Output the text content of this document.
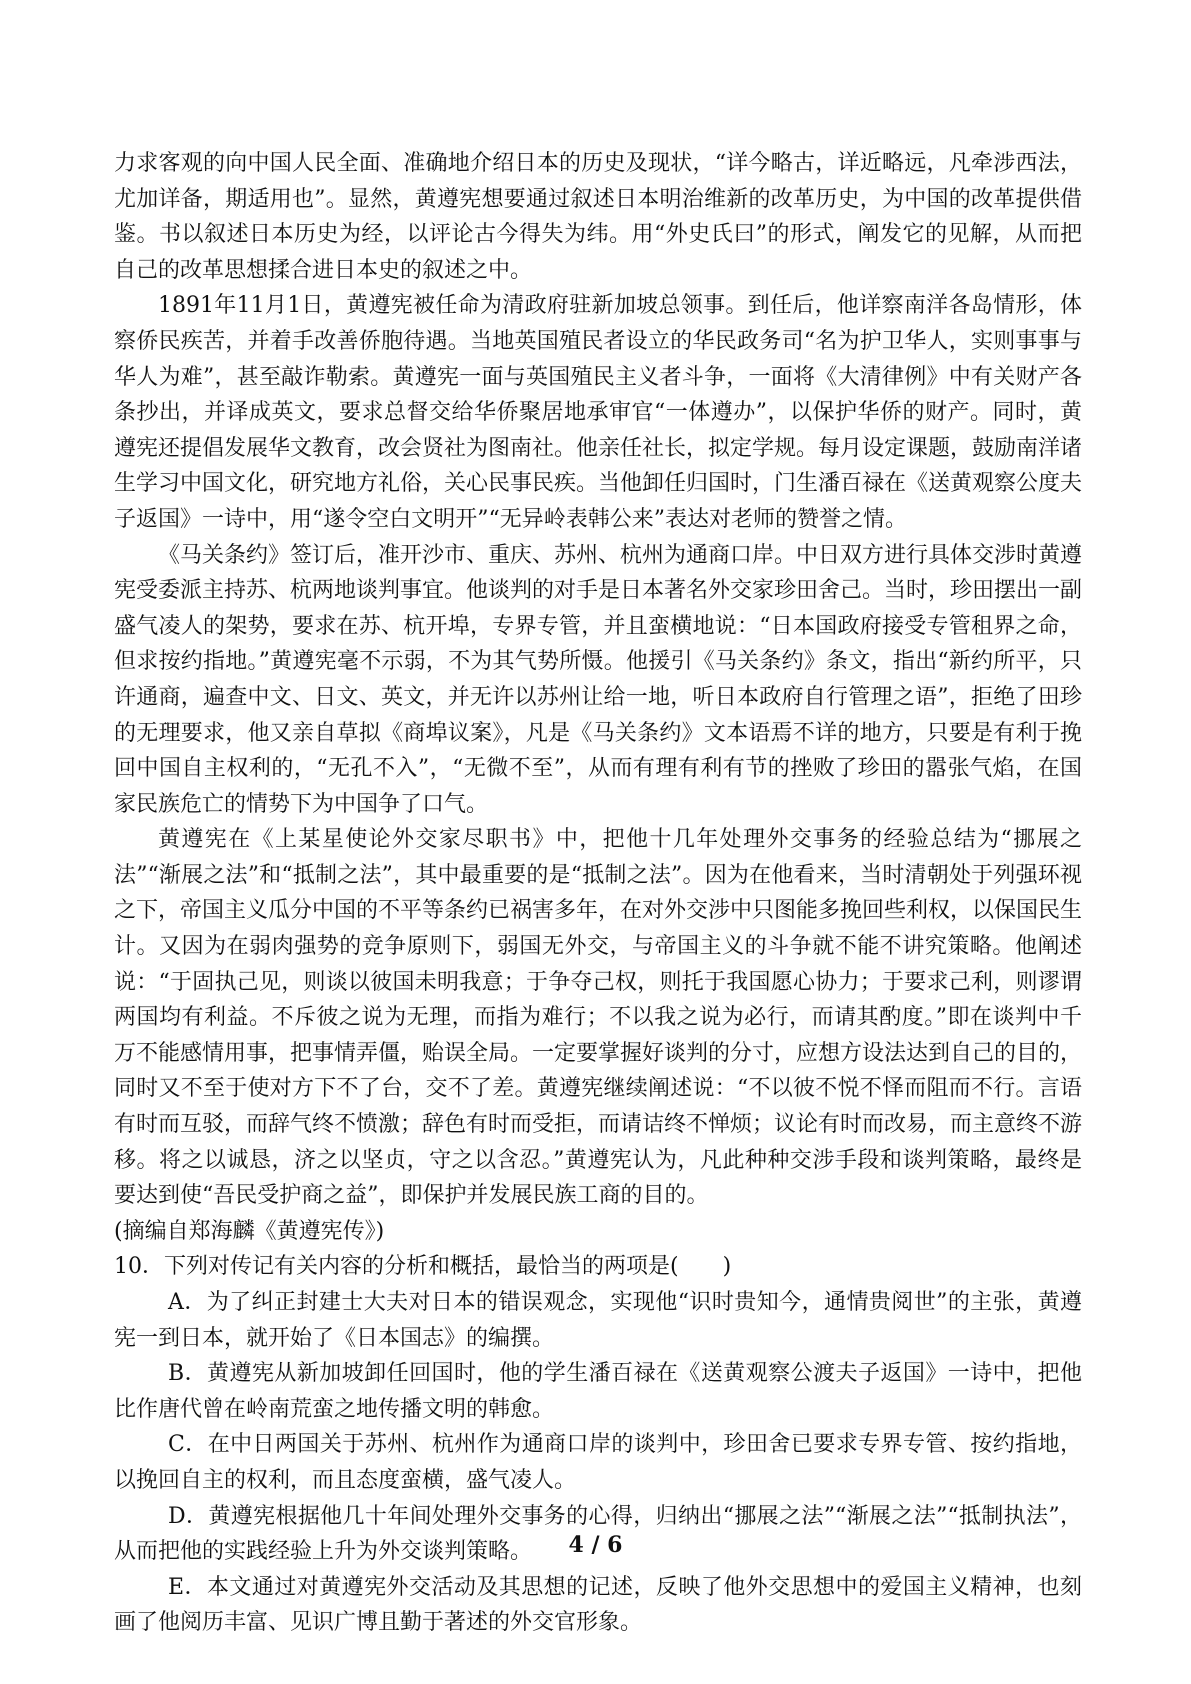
力求客观的向中国人民全面、准确地介绍日本的历史及现状，“详今略古，详近略远，凡牵涉西法，尤加详备，期适用也”。显然，黄遵宪想要通过叙述日本明治维新的改革历史，为中国的改革提供借鉴。书以叙述日本历史为经，以评论古今得失为纬。用“外史氏曰”的形式，阐发它的见解，从而把自己的改革思想揉合进日本史的叙述之中。

1891年11月1日，黄遵宪被任命为清政府驻新加坡总领事。到任后，他详察南洋各岛情形，体察侨民疾苦，并着手改善侨胞待遇。当地英国殖民者设立的华民政务司“名为护卫华人，实则事事与华人为难”，甚至敲诈勒索。黄遵宪一面与英国殖民主义者斗争，一面将《大清律例》中有关财产各条抄出，并译成英文，要求总督交给华侨聚居地承审官“一体遵办”，以保护华侨的财产。同时，黄遵宪还提倡发展华文教育，改会贤社为图南社。他亲任社长，拟定学规。每月设定课题，鼓励南洋诸生学习中国文化，研究地方礼俗，关心民事民疾。当他卸任归国时，门生潘百禄在《送黄观察公度夫子返国》一诗中，用“遂令空白文明开”“无异岭表韩公来”表达对老师的赞誉之情。

《马关条约》签订后，准开沙市、重庆、苏州、杭州为通商口岸。中日双方进行具体交涉时黄遵宪受委派主持苏、杭两地谈判事宜。他谈判的对手是日本著名外交家珍田舍己。当时，珍田摆出一副盛气凌人的架势，要求在苏、杭开埠，专界专管，并且蛮横地说：“日本国政府接受专管租界之命，但求按约指地。”黄遵宪毫不示弱，不为其气势所慑。他援引《马关条约》条文，指出“新约所平，只许通商，遍查中文、日文、英文，并无许以苏州让给一地，听日本政府自行管理之语”，拒绝了田珍的无理要求，他又亲自草拟《商埠议案》，凡是《马关条约》文本语焉不详的地方，只要是有利于挽回中国自主权利的，“无孔不入”，“无微不至”，从而有理有利有节的挫败了珍田的嚣张气焰，在国家民族危亡的情势下为中国争了口气。

黄遵宪在《上某星使论外交家尽职书》中，把他十几年处理外交事务的经验总结为“挪展之法”“渐展之法”和“抵制之法”，其中最重要的是“抵制之法”。因为在他看来，当时清朝处于列强环视之下，帝国主义瓜分中国的不平等条约已祸害多年，在对外交涉中只图能多挽回些利权，以保国民生计。又因为在弱肉强势的竞争原则下，弱国无外交，与帝国主义的斗争就不能不讲究策略。他阐述说：“于固执己见，则谈以彼国未明我意；于争夺己权，则托于我国愿心协力；于要求己利，则谬谓两国均有利益。不斥彼之说为无理，而指为难行；不以我之说为必行，而请其酌度。”即在谈判中千万不能感情用事，把事情弄僵，贻误全局。一定要掌握好谈判的分寸，应想方设法达到自己的目的，同时又不至于使对方下不了台，交不了差。黄遵宪继续阐述说：“不以彼不悦不怿而阻而不行。言语有时而互驳，而辞气终不愤激；辞色有时而受拒，而请诘终不惮烦；议论有时而改易，而主意终不游移。将之以诚恳，济之以坚贞，守之以含忍。”黄遵宪认为，凡此种种交涉手段和谈判策略，最终是要达到使“吾民受护商之益”，即保护并发展民族工商的目的。

(摘编自郑海麟《黄遵宪传》)

10．下列对传记有关内容的分析和概括，最恰当的两项是(　　)

A．为了纠正封建士大夫对日本的错误观念，实现他“识时贵知今，通情贵阅世”的主张，黄遵宪一到日本，就开始了《日本国志》的编撰。

B．黄遵宪从新加坡卸任回国时，他的学生潘百禄在《送黄观察公渡夫子返国》一诗中，把他比作唐代曾在岭南荒蛮之地传播文明的韩愈。

C．在中日两国关于苏州、杭州作为通商口岸的谈判中，珍田舍已要求专界专管、按约指地，以挽回自主的权利，而且态度蛮横，盛气凌人。

D．黄遵宪根据他几十年间处理外交事务的心得，归纳出“挪展之法”“渐展之法”“抵制执法”，从而把他的实践经验上升为外交谈判策略。

E．本文通过对黄遵宪外交活动及其思想的记述，反映了他外交思想中的爱国主义精神，也刻画了他阅历丰富、见识广博且勤于著述的外交官形象。

4 / 6
